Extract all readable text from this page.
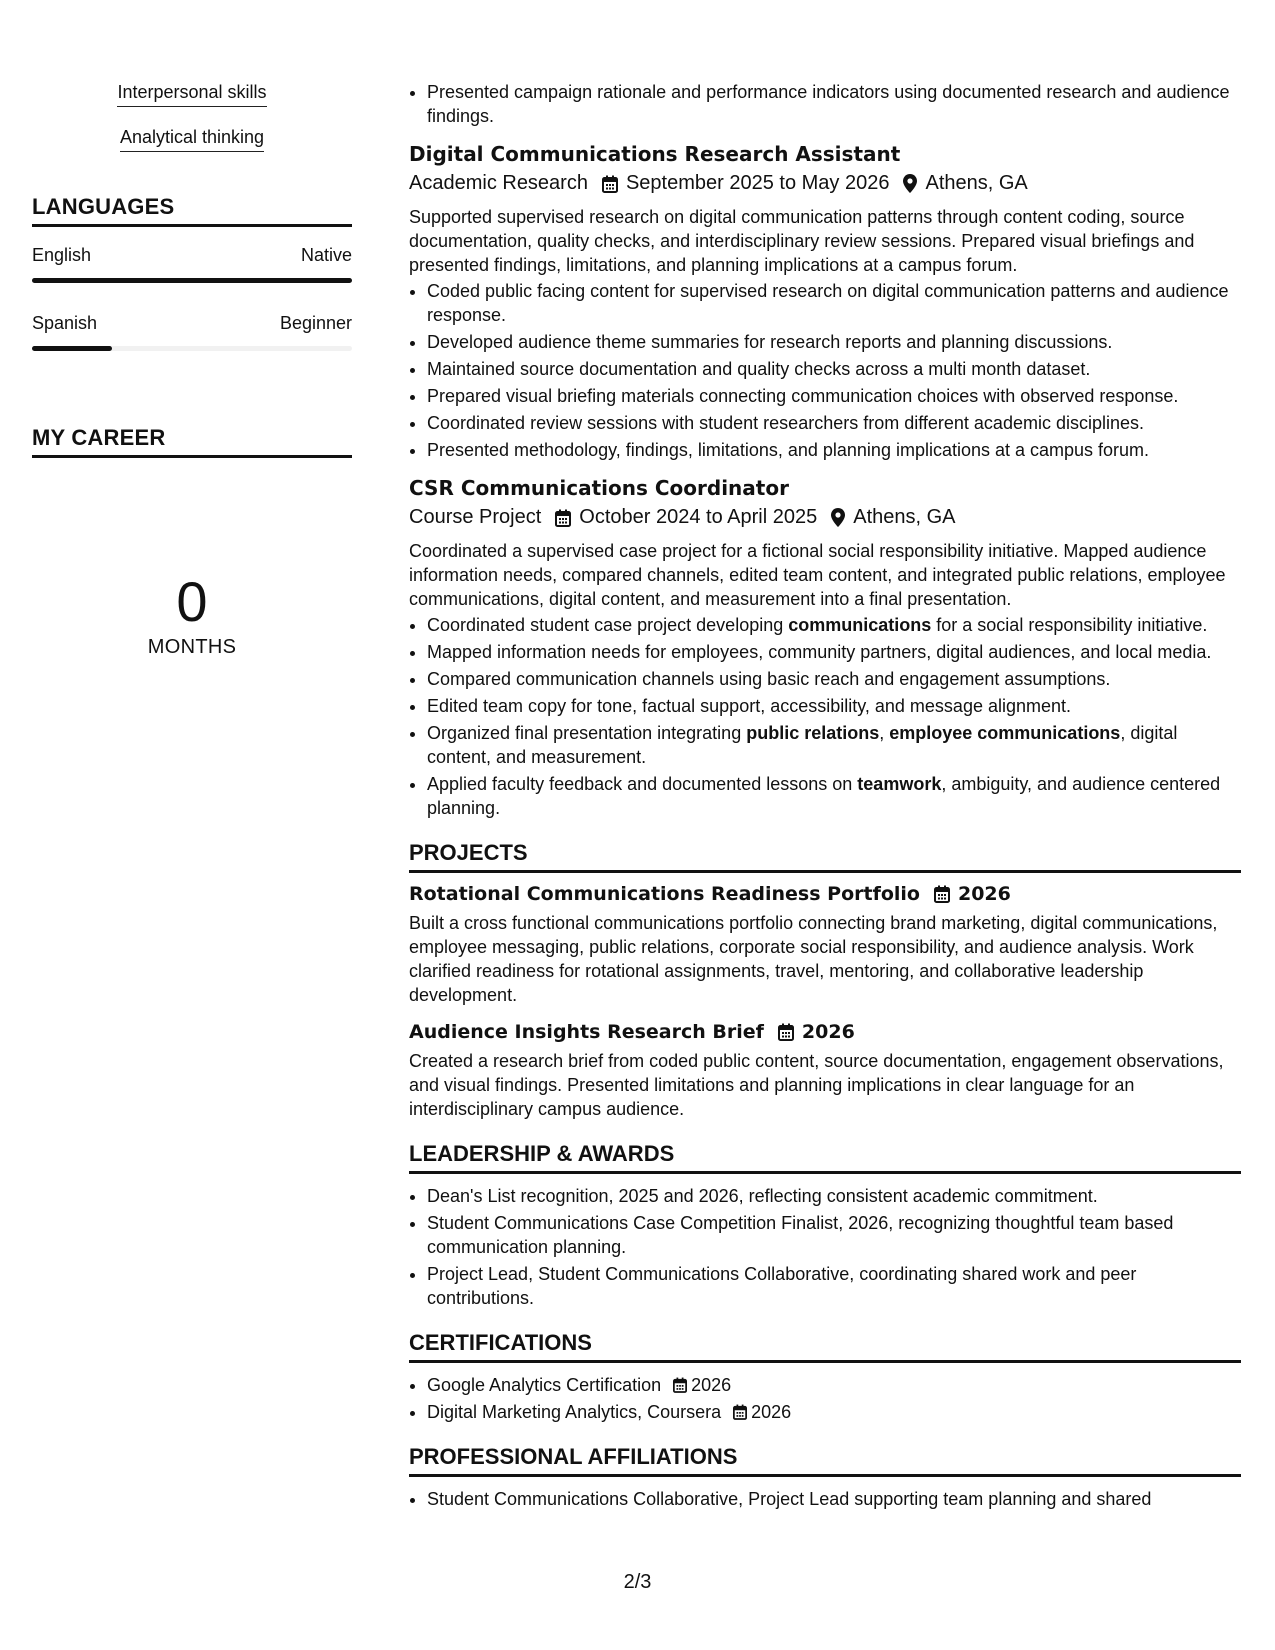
Interpersonal skills
Analytical thinking
LANGUAGES
English	Native
Spanish	Beginner
MY CAREER
0
MONTHS
• Presented campaign rationale and performance indicators using documented research and audience findings.
Digital Communications Research Assistant
Academic Research September 2025 to May 2026 Athens, GA
Supported supervised research on digital communication patterns through content coding, source documentation, quality checks, and interdisciplinary review sessions. Prepared visual briefings and presented findings, limitations, and planning implications at a campus forum.
• Coded public facing content for supervised research on digital communication patterns and audience response.
• Developed audience theme summaries for research reports and planning discussions.
• Maintained source documentation and quality checks across a multi month dataset.
• Prepared visual briefing materials connecting communication choices with observed response.
• Coordinated review sessions with student researchers from different academic disciplines.
• Presented methodology, findings, limitations, and planning implications at a campus forum.
CSR Communications Coordinator
Course Project October 2024 to April 2025 Athens, GA
Coordinated a supervised case project for a fictional social responsibility initiative. Mapped audience information needs, compared channels, edited team content, and integrated public relations, employee communications, digital content, and measurement into a final presentation.
• Coordinated student case project developing communications for a social responsibility initiative.
• Mapped information needs for employees, community partners, digital audiences, and local media.
• Compared communication channels using basic reach and engagement assumptions.
• Edited team copy for tone, factual support, accessibility, and message alignment.
• Organized final presentation integrating public relations, employee communications, digital content, and measurement.
• Applied faculty feedback and documented lessons on teamwork, ambiguity, and audience centered planning.
PROJECTS
Rotational Communications Readiness Portfolio 2026
Built a cross functional communications portfolio connecting brand marketing, digital communications, employee messaging, public relations, corporate social responsibility, and audience analysis. Work clarified readiness for rotational assignments, travel, mentoring, and collaborative leadership development.
Audience Insights Research Brief 2026
Created a research brief from coded public content, source documentation, engagement observations, and visual findings. Presented limitations and planning implications in clear language for an interdisciplinary campus audience.
LEADERSHIP & AWARDS
• Dean's List recognition, 2025 and 2026, reflecting consistent academic commitment.
• Student Communications Case Competition Finalist, 2026, recognizing thoughtful team based communication planning.
• Project Lead, Student Communications Collaborative, coordinating shared work and peer contributions.
CERTIFICATIONS
• Google Analytics Certification 2026
• Digital Marketing Analytics, Coursera 2026
PROFESSIONAL AFFILIATIONS
• Student Communications Collaborative, Project Lead supporting team planning and shared
2/3
